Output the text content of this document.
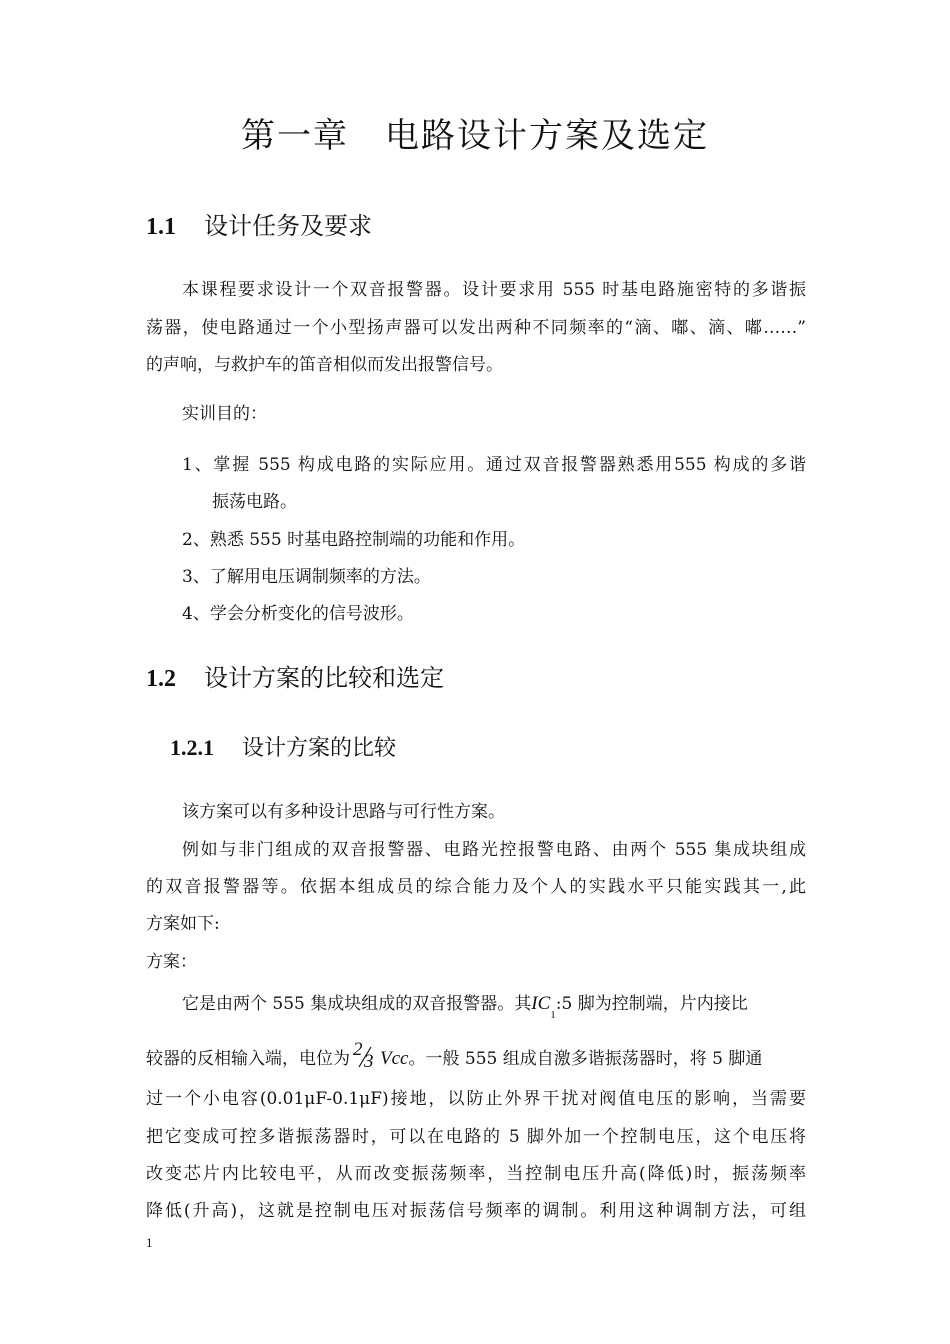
第一章　电路设计方案及选定
1.1 设计任务及要求
本课程要求设计一个双音报警器。设计要求用 555 时基电路施密特的多谐振
荡器，使电路通过一个小型扬声器可以发出两种不同频率的“滴、嘟、滴、嘟……”
的声响，与救护车的笛音相似而发出报警信号。
实训目的：
1、掌握 555 构成电路的实际应用。通过双音报警器熟悉用555 构成的多谐
振荡电路。
2、熟悉 555 时基电路控制端的功能和作用。
3、了解用电压调制频率的方法。
4、学会分析变化的信号波形。
1.2 设计方案的比较和选定
1.2.1 设计方案的比较
该方案可以有多种设计思路与可行性方案。
例如与非门组成的双音报警器、电路光控报警电路、由两个 555 集成块组成
的双音报警器等。依据本组成员的综合能力及个人的实践水平只能实践其一,此
方案如下:
方案：
它是由两个 555 集成块组成的双音报警器。其$IC_1:5$ 脚为控制端，片内接比
较器的反相输入端，电位为 2
3 Vcc。一般 555 组成自激多谐振荡器时，将 5 脚通
过一个小电容(0.01μF-0.1μF)接地，以防止外界干扰对阀值电压的影响，当需要
把它变成可控多谐振荡器时，可以在电路的 5 脚外加一个控制电压，这个电压将
改变芯片内比较电平，从而改变振荡频率，当控制电压升高(降低)时，振荡频率
降低(升高)，这就是控制电压对振荡信号频率的调制。利用这种调制方法，可组
1
